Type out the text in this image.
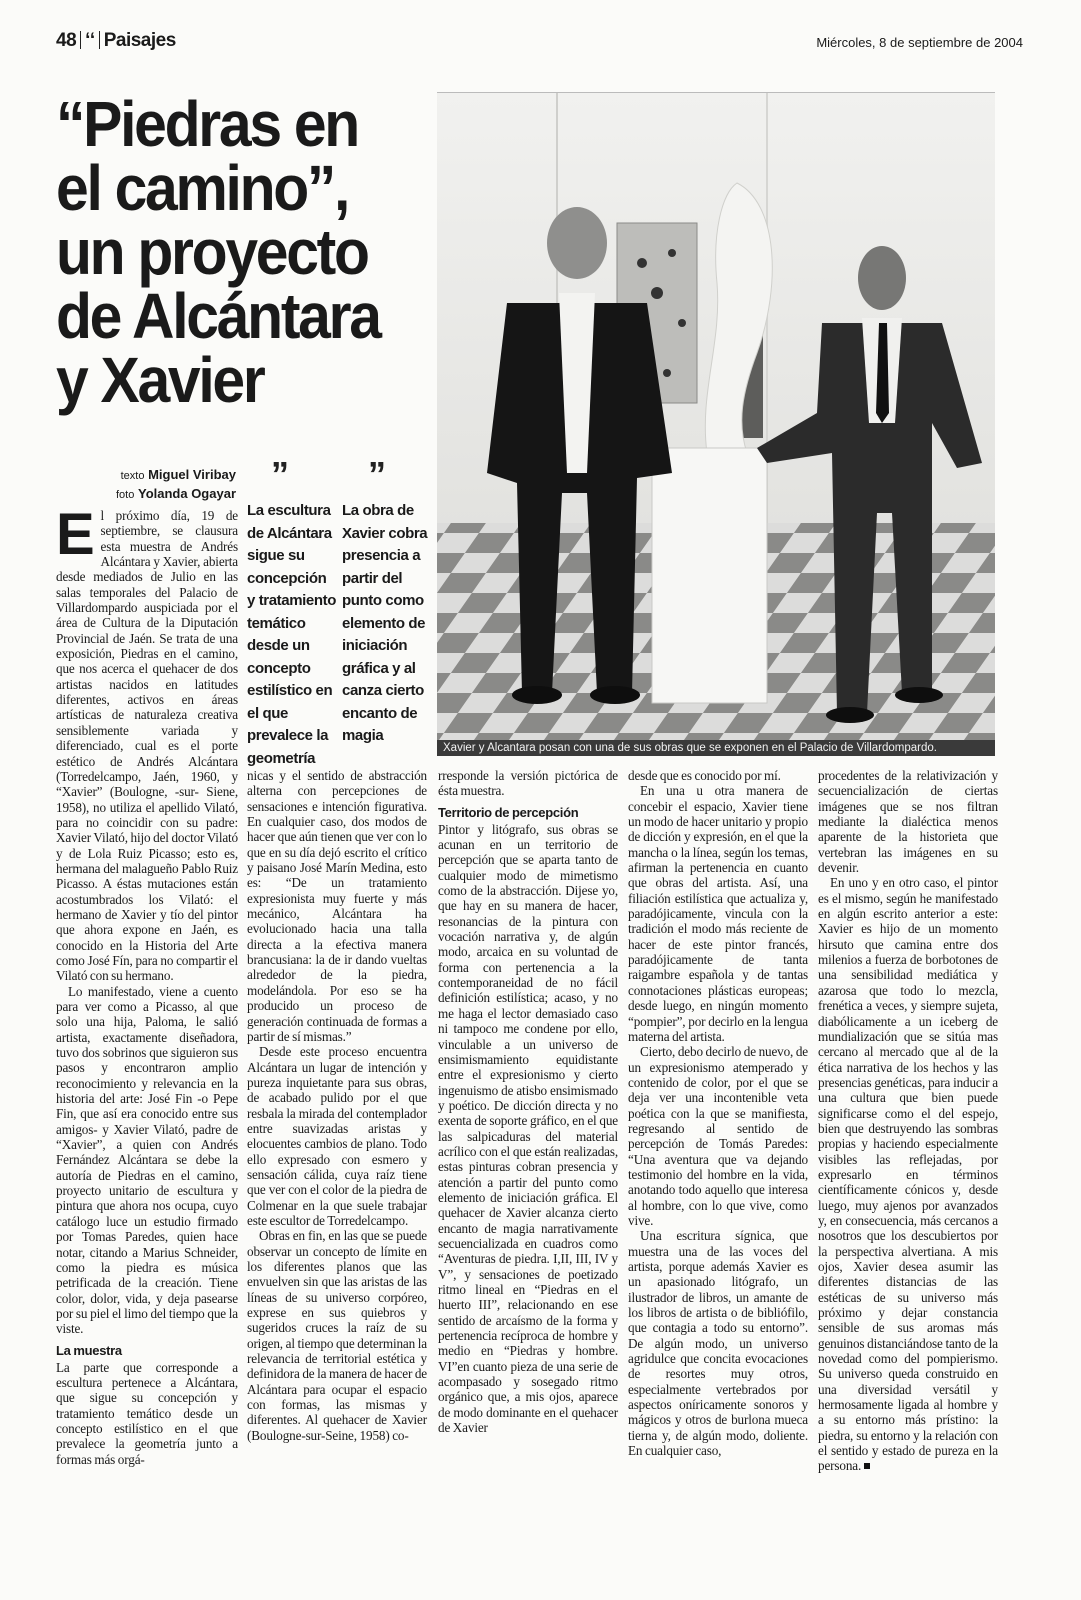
48 ʻʻ Paisajes	Miércoles, 8 de septiembre de 2004
“Piedras en el camino”, un proyecto de Alcántara y Xavier
texto Miguel Viribay
foto Yolanda Ogayar ”
La escultura de Alcántara sigue su concepción y tratamiento temático desde un concepto estilístico en el que prevalece la geometría
”
La obra de Xavier cobra presencia a partir del punto como elemento de iniciación gráfica y al canza cierto encanto de magia
Xavier y Alcantara posan con una de sus obras que se exponen en el Palacio de Villardompardo.

El próximo día, 19 de septiembre, se clausura esta muestra de Andrés Alcántara y Xavier, abierta desde mediados de Julio en las salas temporales del Palacio de Villardompardo auspiciada por el área de Cultura de la Diputación Provincial de Jaén. Se trata de una exposición, Piedras en el camino, que nos acerca el quehacer de dos artistas nacidos en latitudes diferentes, activos en áreas artísticas de naturaleza creativa sensiblemente variada y diferenciado, cual es el porte estético de Andrés Alcántara (Torredelcampo, Jaén, 1960, y “Xavier” (Boulogne, -sur- Siene, 1958), no utiliza el apellido Vilató, para no coincidir con su padre: Xavier Vilató, hijo del doctor Vilató y de Lola Ruiz Picasso; esto es, hermana del malagueño Pablo Ruiz Picasso. A éstas mutaciones están acostumbrados los Vilató: el hermano de Xavier y tío del pintor que ahora expone en Jaén, es conocido en la Historia del Arte como José Fín, para no compartir el Vilató con su hermano.

Lo manifestado, viene a cuento para ver como a Picasso, al que solo una hija, Paloma, le salió artista, exactamente diseñadora, tuvo dos sobrinos que siguieron sus pasos y encontraron amplio reconocimiento y relevancia en la historia del arte: José Fin -o Pepe Fin, que así era conocido entre sus amigos- y Xavier Vilató, padre de “Xavier”, a quien con Andrés Fernández Alcántara se debe la autoría de Piedras en el camino, proyecto unitario de escultura y pintura que ahora nos ocupa, cuyo catálogo luce un estudio firmado por Tomas Paredes, quien hace notar, citando a Marius Schneider, como la piedra es música petrificada de la creación. Tiene color, dolor, vida, y deja pasearse por su piel el limo del tiempo que la viste.

La muestra

La parte que corresponde a escultura pertenece a Alcántara, que sigue su concepción y tratamiento temático desde un concepto estilístico en el que prevalece la geometría junto a formas más orgá-

nicas y el sentido de abstracción alterna con percepciones de sensaciones e intención figurativa. En cualquier caso, dos modos de hacer que aún tienen que ver con lo que en su día dejó escrito el crítico y paisano José Marín Medina, esto es: “De un tratamiento expresionista muy fuerte y más mecánico, Alcántara ha evolucionado hacia una talla directa a la efectiva manera brancusiana: la de ir dando vueltas alrededor de la piedra, modelándola. Por eso se ha producido un proceso de generación continuada de formas a partir de sí mismas.”

Desde este proceso encuentra Alcántara un lugar de intención y pureza inquietante para sus obras, de acabado pulido por el que resbala la mirada del contemplador entre suavizadas aristas y elocuentes cambios de plano. Todo ello expresado con esmero y sensación cálida, cuya raíz tiene que ver con el color de la piedra de Colmenar en la que suele trabajar este escultor de Torredelcampo.

Obras en fin, en las que se puede observar un concepto de límite en los diferentes planos que las envuelven sin que las aristas de las líneas de su universo corpóreo, exprese en sus quiebros y sugeridos cruces la raíz de su origen, al tiempo que determinan la relevancia de territorial estética y definidora de la manera de hacer de Alcántara para ocupar el espacio con formas, las mismas y diferentes. Al quehacer de Xavier (Boulogne-sur-Seine, 1958) co-

rresponde la versión pictórica de ésta muestra.

Territorio de percepción

Pintor y litógrafo, sus obras se acunan en un territorio de percepción que se aparta tanto de cualquier modo de mimetismo como de la abstracción. Dijese yo, que hay en su manera de hacer, resonancias de la pintura con vocación narrativa y, de algún modo, arcaica en su voluntad de forma con pertenencia a la contemporaneidad de no fácil definición estilística; acaso, y no me haga el lector demasiado caso ni tampoco me condene por ello, vinculable a un universo de ensimismamiento equidistante entre el expresionismo y cierto ingenuismo de atisbo ensimismado y poético. De dicción directa y no exenta de soporte gráfico, en el que las salpicaduras del material acrílico con el que están realizadas, estas pinturas cobran presencia y atención a partir del punto como elemento de iniciación gráfica. El quehacer de Xavier alcanza cierto encanto de magia narrativamente secuencializada en cuadros como “Aventuras de piedra. I,II, III, IV y V”, y sensaciones de poetizado ritmo lineal en “Piedras en el huerto III”, relacionando en ese sentido de arcaísmo de la forma y pertenencia recíproca de hombre y medio en “Piedras y hombre. VI”en cuanto pieza de una serie de acompasado y sosegado ritmo orgánico que, a mis ojos, aparece de modo dominante en el quehacer de Xavier

desde que es conocido por mí.

En una u otra manera de concebir el espacio, Xavier tiene un modo de hacer unitario y propio de dicción y expresión, en el que la mancha o la línea, según los temas, afirman la pertenencia en cuanto que obras del artista. Así, una filiación estilística que actualiza y, paradójicamente, vincula con la tradición el modo más reciente de hacer de este pintor francés, paradójicamente de tanta raigambre española y de tantas connotaciones plásticas europeas; desde luego, en ningún momento “pompier”, por decirlo en la lengua materna del artista.

Cierto, debo decirlo de nuevo, de un expresionismo atemperado y contenido de color, por el que se deja ver una incontenible veta poética con la que se manifiesta, regresando al sentido de percepción de Tomás Paredes: “Una aventura que va dejando testimonio del hombre en la vida, anotando todo aquello que interesa al hombre, con lo que vive, como vive.

Una escritura sígnica, que muestra una de las voces del artista, porque además Xavier es un apasionado litógrafo, un ilustrador de libros, un amante de los libros de artista o de bibliófilo, que contagia a todo su entorno”. De algún modo, un universo agridulce que concita evocaciones de resortes muy otros, especialmente vertebrados por aspectos oníricamente sonoros y mágicos y otros de burlona mueca tierna y, de algún modo, doliente. En cualquier caso,

procedentes de la relativización y secuencialización de ciertas imágenes que se nos filtran mediante la dialéctica menos aparente de la historieta que vertebran las imágenes en su devenir.

En uno y en otro caso, el pintor es el mismo, según he manifestado en algún escrito anterior a este: Xavier es hijo de un momento hirsuto que camina entre dos milenios a fuerza de borbotones de una sensibilidad mediática y azarosa que todo lo mezcla, frenética a veces, y siempre sujeta, diabólicamente a un iceberg de mundialización que se sitúa mas cercano al mercado que al de la ética narrativa de los hechos y las presencias genéticas, para inducir a una cultura que bien puede significarse como el del espejo, bien que destruyendo las sombras propias y haciendo especialmente visibles las reflejadas, por expresarlo en términos científicamente cónicos y, desde luego, muy ajenos por avanzados y, en consecuencia, más cercanos a nosotros que los descubiertos por la perspectiva alvertiana. A mis ojos, Xavier desea asumir las diferentes distancias de las estéticas de su universo más próximo y dejar constancia sensible de sus aromas más genuinos distanciándose tanto de la novedad como del pompierismo. Su universo queda construido en una diversidad versátil y hermosamente ligada al hombre y a su entorno más prístino: la piedra, su entorno y la relación con el sentido y estado de pureza en la persona.
